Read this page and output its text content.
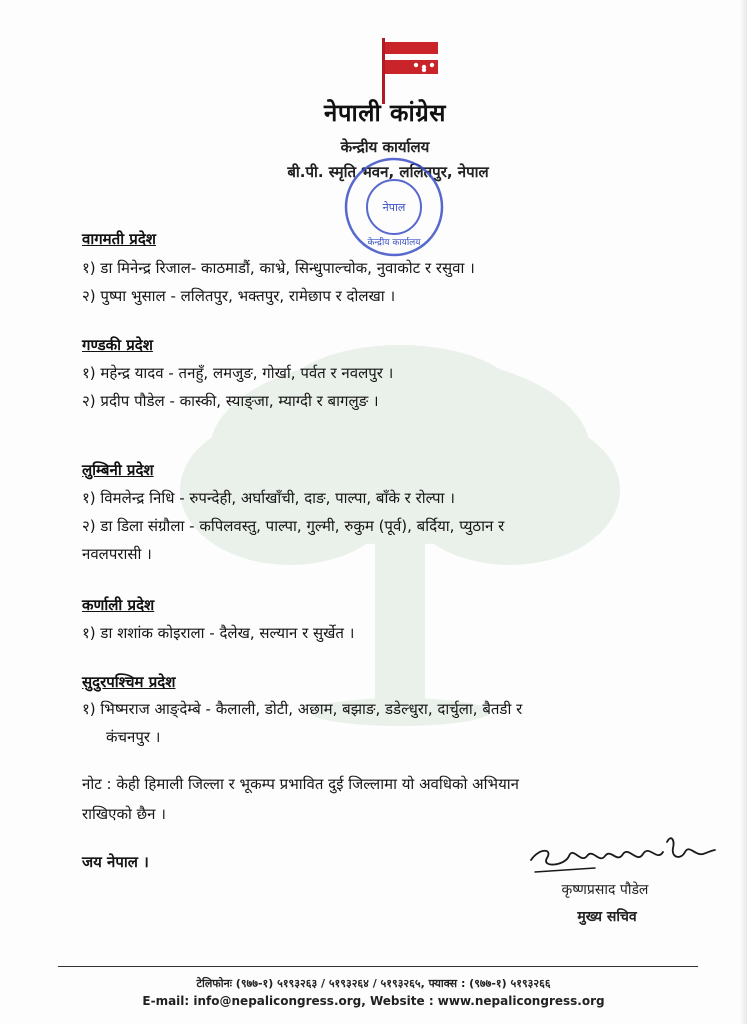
नेपाली कांग्रेस
केन्द्रीय कार्यालय
बी.पी. स्मृति भवन, ललितपुर, नेपाल
नेपाल
केन्द्रीय कार्यालय
वागमती प्रदेश
१) डा मिनेन्द्र रिजाल- काठमाडौं, काभ्रे, सिन्धुपाल्चोक, नुवाकोट र रसुवा ।
२) पुष्पा भुसाल - ललितपुर, भक्तपुर, रामेछाप र दोलखा ।
गण्डकी प्रदेश
१) महेन्द्र यादव - तनहुँ, लमजुङ, गोर्खा, पर्वत र नवलपुर ।
२) प्रदीप पौडेल - कास्की, स्याङ्जा, म्याग्दी र बागलुङ ।
लुम्बिनी प्रदेश
१) विमलेन्द्र निधि - रुपन्देही, अर्घाखाँची, दाङ, पाल्पा, बाँके र रोल्पा ।
२) डा डिला संग्रौला - कपिलवस्तु, पाल्पा, गुल्मी, रुकुम (पूर्व), बर्दिया, प्युठान र
नवलपरासी ।
कर्णाली प्रदेश
१) डा शशांक कोइराला - दैलेख, सल्यान र सुर्खेत ।
सुदुरपश्चिम प्रदेश
१) भिष्मराज आङ्देम्बे - कैलाली, डोटी, अछाम, बझाङ, डडेल्धुरा, दार्चुला, बैतडी र
कंचनपुर ।
नोट : केही हिमाली जिल्ला र भूकम्प प्रभावित दुई जिल्लामा यो अवधिको अभियान
राखिएको छैन ।
जय नेपाल ।
कृष्णप्रसाद पौडेल
मुख्य सचिव
टेलिफोनः (९७७-१) ५१९३२६३ / ५१९३२६४ / ५१९३२६५, फ्याक्स : (९७७-१) ५१९३२६६
E-mail: info@nepalicongress.org, Website : www.nepalicongress.org
